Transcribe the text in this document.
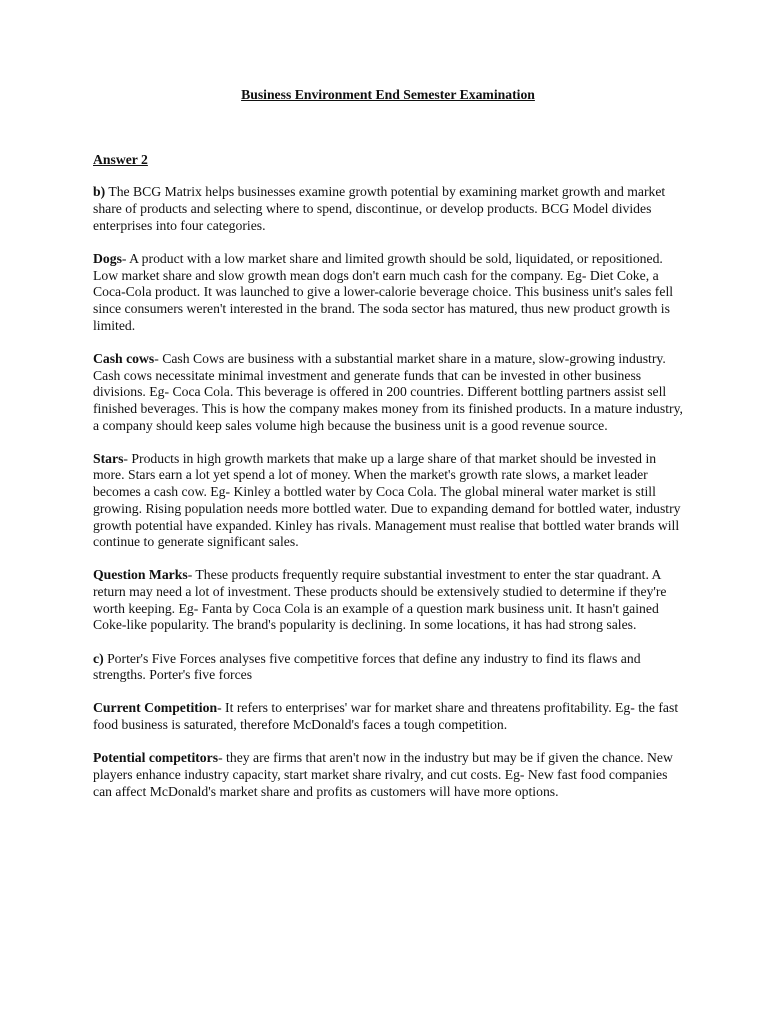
Business Environment End Semester Examination
Answer 2

b) The BCG Matrix helps businesses examine growth potential by examining market growth and market share of products and selecting where to spend, discontinue, or develop products. BCG Model divides enterprises into four categories.

Dogs- A product with a low market share and limited growth should be sold, liquidated, or repositioned. Low market share and slow growth mean dogs don't earn much cash for the company. Eg- Diet Coke, a Coca-Cola product. It was launched to give a lower-calorie beverage choice. This business unit's sales fell since consumers weren't interested in the brand. The soda sector has matured, thus new product growth is limited.

Cash cows- Cash Cows are business with a substantial market share in a mature, slow-growing industry. Cash cows necessitate minimal investment and generate funds that can be invested in other business divisions. Eg- Coca Cola. This beverage is offered in 200 countries. Different bottling partners assist sell finished beverages. This is how the company makes money from its finished products. In a mature industry, a company should keep sales volume high because the business unit is a good revenue source.

Stars- Products in high growth markets that make up a large share of that market should be invested in more. Stars earn a lot yet spend a lot of money. When the market's growth rate slows, a market leader becomes a cash cow. Eg- Kinley a bottled water by Coca Cola. The global mineral water market is still growing. Rising population needs more bottled water. Due to expanding demand for bottled water, industry growth potential have expanded. Kinley has rivals. Management must realise that bottled water brands will continue to generate significant sales.

Question Marks- These products frequently require substantial investment to enter the star quadrant. A return may need a lot of investment. These products should be extensively studied to determine if they're worth keeping. Eg- Fanta by Coca Cola is an example of a question mark business unit. It hasn't gained Coke-like popularity. The brand's popularity is declining. In some locations, it has had strong sales.

c) Porter's Five Forces analyses five competitive forces that define any industry to find its flaws and strengths. Porter's five forces

Current Competition- It refers to enterprises' war for market share and threatens profitability. Eg- the fast food business is saturated, therefore McDonald's faces a tough competition.

Potential competitors- they are firms that aren't now in the industry but may be if given the chance. New players enhance industry capacity, start market share rivalry, and cut costs. Eg- New fast food companies can affect McDonald's market share and profits as customers will have more options.
